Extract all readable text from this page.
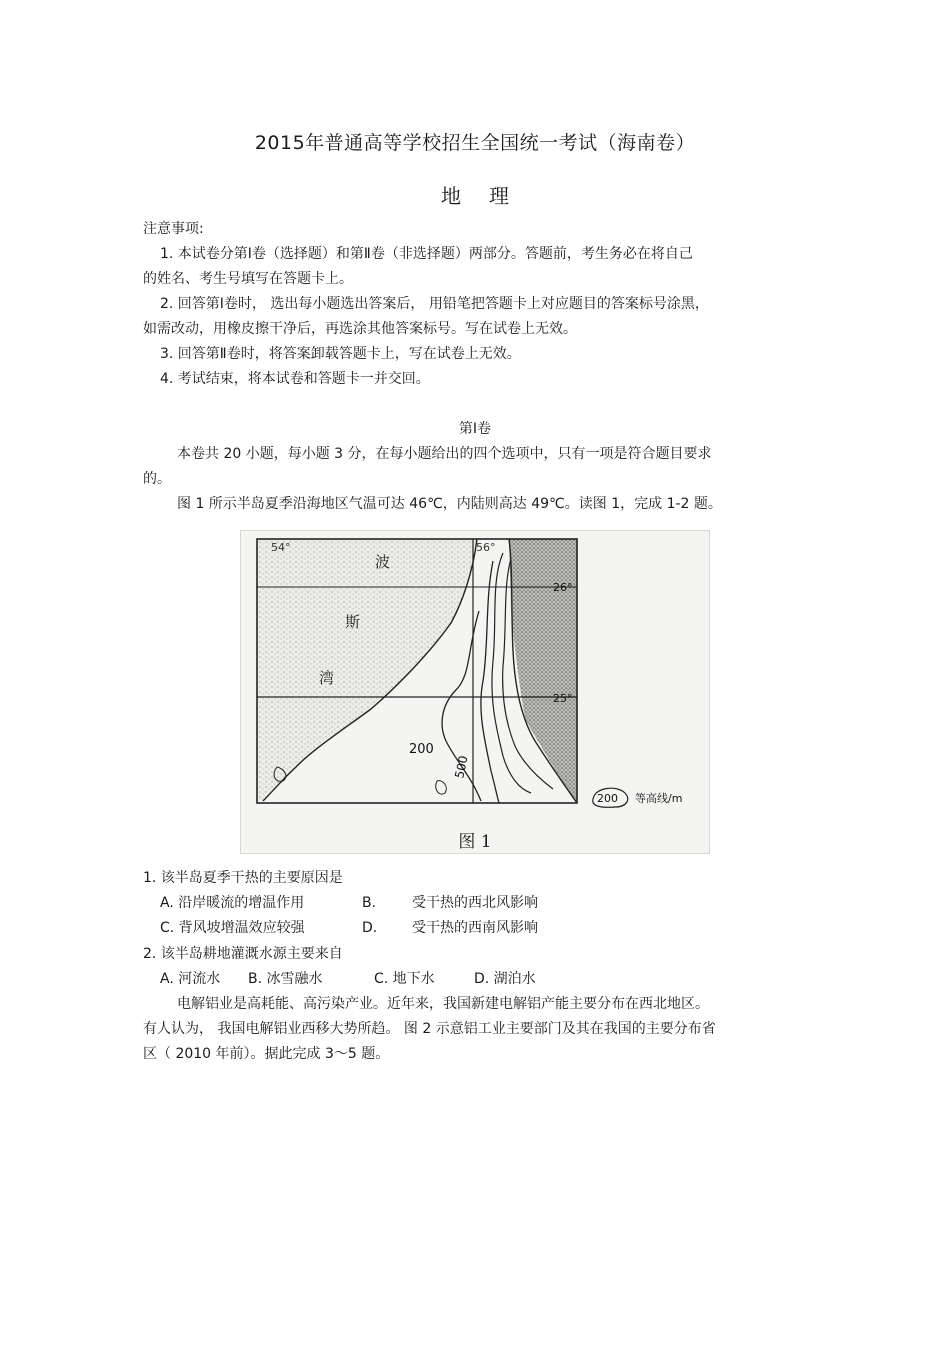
2015年普通高等学校招生全国统一考试（海南卷）
地理
注意事项:
1. 本试卷分第Ⅰ卷（选择题）和第Ⅱ卷（非选择题）两部分。答题前，考生务必在将自己
的姓名、考生号填写在答题卡上。
2. 回答第Ⅰ卷时， 选出每小题选出答案后， 用铅笔把答题卡上对应题目的答案标号涂黑，
如需改动，用橡皮擦干净后，再选涂其他答案标号。写在试卷上无效。
3. 回答第Ⅱ卷时，将答案卸载答题卡上，写在试卷上无效。
4. 考试结束，将本试卷和答题卡一并交回。
第Ⅰ卷
本卷共 20 小题，每小题 3 分，在每小题给出的四个选项中，只有一项是符合题目要求
的。
图 1 所示半岛夏季沿海地区气温可达 46℃，内陆则高达 49℃。读图 1，完成 1-2 题。
54°	56°
26°
25°
波
斯
湾
200
500
200 等高线/m
图 1
1. 该半岛夏季干热的主要原因是
A. 沿岸暖流的增温作用	B.	受干热的西北风影响
C. 背风坡增温效应较强	D. 受干热的西南风影响
2. 该半岛耕地灌溉水源主要来自
A. 河流水 B. 冰雪融水	C. 地下水	D. 湖泊水
电解铝业是高耗能、高污染产业。近年来，我国新建电解铝产能主要分布在西北地区。
有人认为， 我国电解铝业西移大势所趋。 图 2 示意铝工业主要部门及其在我国的主要分布省
区（ 2010 年前）。据此完成 3～5 题。
